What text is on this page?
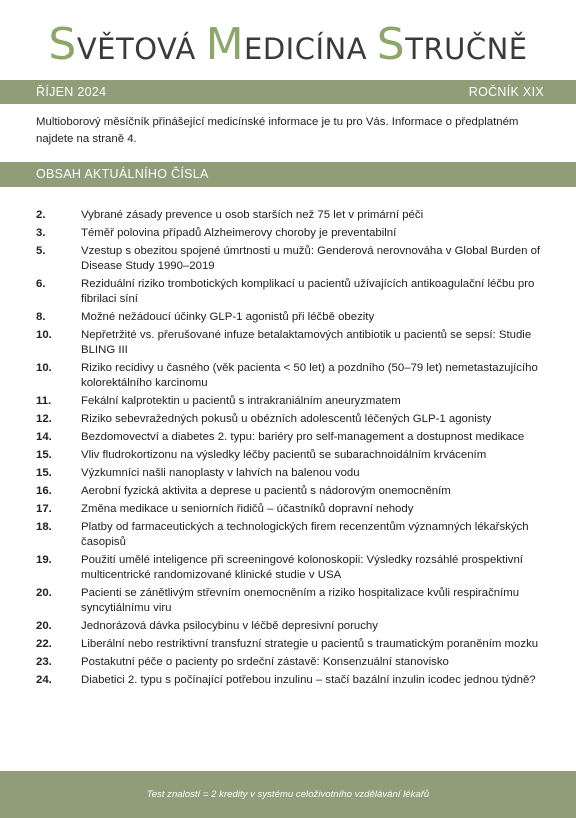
SVĚTOVÁ MEDICÍNA STRUČNĚ
ŘÍJEN 2024	ROČNÍK XIX
Multioborový měsíčník přinášející medicínské informace je tu pro Vás. Informace o předplatném najdete na straně 4.
OBSAH AKTUÁLNÍHO ČÍSLA
2.	Vybrané zásady prevence u osob starších než 75 let v primární péči
3.	Téměř polovina případů Alzheimerovy choroby je preventabilní
5.	Vzestup s obezitou spojené úmrtnosti u mužů: Genderová nerovnováha v Global Burden of Disease Study 1990–2019
6.	Reziduální riziko trombotických komplikací u pacientů užívajících antikoagulační léčbu pro fibrilaci síní
8.	Možné nežádoucí účinky GLP-1 agonistů při léčbě obezity
10.	Nepřetržité vs. přerušované infuze betalaktamových antibiotik u pacientů se sepsí: Studie BLING III
10.	Riziko recidivy u časného (věk pacienta < 50 let) a pozdního (50–79 let) nemetastazujícího kolorektálního karcinomu
11.	Fekální kalprotektin u pacientů s intrakraniálním aneuryzmatem
12.	Riziko sebevražedných pokusů u obézních adolescentů léčených GLP-1 agonisty
14.	Bezdomovectví a diabetes 2. typu: bariéry pro self-management a dostupnost medikace
15.	Vliv fludrokortizonu na výsledky léčby pacientů se subarachnoidálním krvácením
15.	Výzkumníci našli nanoplasty v lahvích na balenou vodu
16.	Aerobní fyzická aktivita a deprese u pacientů s nádorovým onemocněním
17.	Změna medikace u seniorních řidičů – účastníků dopravní nehody
18.	Platby od farmaceutických a technologických firem recenzentům významných lékařských časopisů
19.	Použití umělé inteligence při screeningové kolonoskopii: Výsledky rozsáhlé prospektivní multicentrické randomizované klinické studie v USA
20.	Pacienti se zánětlivým střevním onemocněním a riziko hospitalizace kvůli respiračnímu syncytiálnímu viru
20.	Jednorázová dávka psilocybinu v léčbě depresivní poruchy
22.	Liberální nebo restriktivní transfuzní strategie u pacientů s traumatickým poraněním mozku
23.	Postakutní péče o pacienty po srdeční zástavě: Konsenzuální stanovisko
24.	Diabetici 2. typu s počínající potřebou inzulinu – stačí bazální inzulin icodec jednou týdně?
Test znalostí = 2 kredity v systému celoživotního vzdělávání lékařů
